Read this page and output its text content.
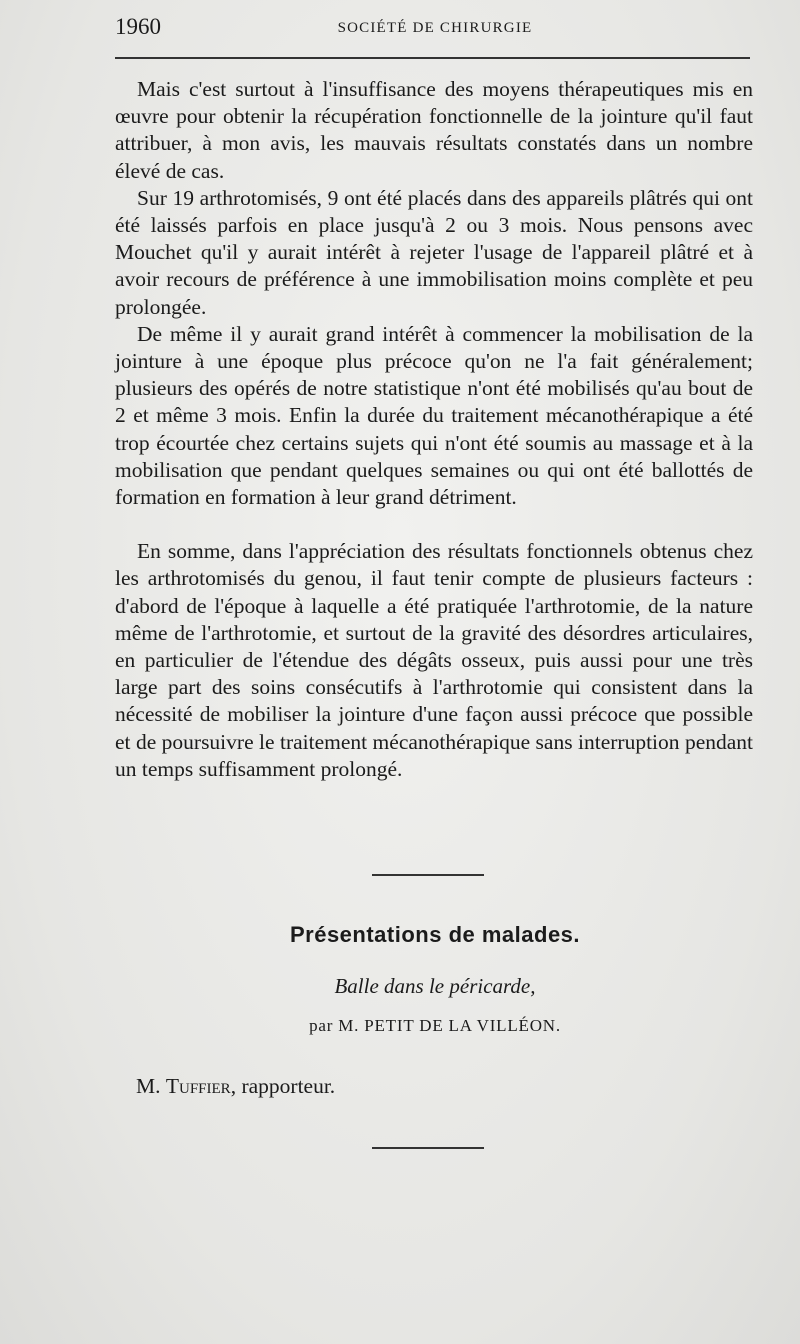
1960	SOCIÉTÉ DE CHIRURGIE

Mais c'est surtout à l'insuffisance des moyens thérapeutiques mis en œuvre pour obtenir la récupération fonctionnelle de la jointure qu'il faut attribuer, à mon avis, les mauvais résultats constatés dans un nombre élevé de cas.

Sur 19 arthrotomisés, 9 ont été placés dans des appareils plâtrés qui ont été laissés parfois en place jusqu'à 2 ou 3 mois. Nous pensons avec Mouchet qu'il y aurait intérêt à rejeter l'usage de l'appareil plâtré et à avoir recours de préférence à une immobilisation moins complète et peu prolongée.

De même il y aurait grand intérêt à commencer la mobilisation de la jointure à une époque plus précoce qu'on ne l'a fait généralement; plusieurs des opérés de notre statistique n'ont été mobilisés qu'au bout de 2 et même 3 mois. Enfin la durée du traitement mécanothérapique a été trop écourtée chez certains sujets qui n'ont été soumis au massage et à la mobilisation que pendant quelques semaines ou qui ont été ballottés de formation en formation à leur grand détriment.

En somme, dans l'appréciation des résultats fonctionnels obtenus chez les arthrotomisés du genou, il faut tenir compte de plusieurs facteurs : d'abord de l'époque à laquelle a été pratiquée l'arthrotomie, de la nature même de l'arthrotomie, et surtout de la gravité des désordres articulaires, en particulier de l'étendue des dégâts osseux, puis aussi pour une très large part des soins consécutifs à l'arthrotomie qui consistent dans la nécessité de mobiliser la jointure d'une façon aussi précoce que possible et de poursuivre le traitement mécanothérapique sans interruption pendant un temps suffisamment prolongé.

Présentations de malades.
Balle dans le péricarde,
par M. PETIT DE LA VILLÉON.
M. Tuffier, rapporteur.
